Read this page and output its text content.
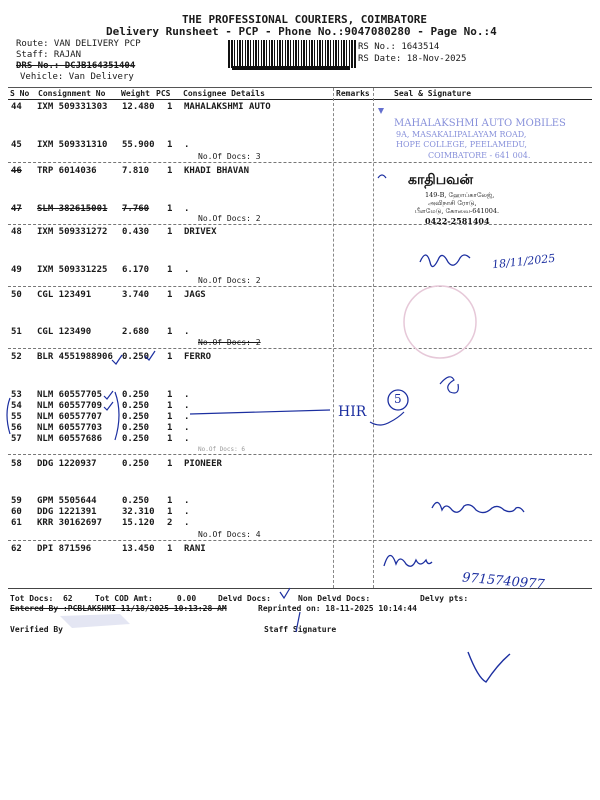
THE PROFESSIONAL COURIERS, COIMBATORE
Delivery Runsheet - PCP - Phone No.:9047080280 - Page No.:4
Route: VAN DELIVERY PCP
Staff: RAJAN
DRS No.: DCJB164351404
Vehicle: Van Delivery
RS No.: 1643514
RS Date: 18-Nov-2025
S No Consignment No Weight PCS Consignee Details	Remarks	Seal & Signature
44 IXM 509331303 12.480 1 MAHALAKSHMI AUTO
45 IXM 509331310 55.900 1 .
No.Of Docs: 3
46 TRP 6014036	7.810 1 KHADI BHAVAN
47 SLM 382615001 7.760 1 .
No.Of Docs: 2
48 IXM 509331272 0.430 1 DRIVEX
49 IXM 509331225 6.170 1 .
No.Of Docs: 2
50 CGL 123491	3.740 1 JAGS
51 CGL 123490	2.680 1 .
No.Of Docs: 2
52 BLR 4551988906 0.250 1 FERRO
53 NLM 60557705 0.250 1 .
54 NLM 60557709 0.250 1 .
55 NLM 60557707 0.250 1 .
56 NLM 60557703 0.250 1 .
57 NLM 60557686 0.250 1 .
No.Of Docs: 6
58 DDG 1220937	0.250 1 PIONEER
59 GPM 5505644	0.250 1 .
60 DDG 1221391	32.310 1 .
61 KRR 30162697 15.120 2 .
No.Of Docs: 4
62 DPI 871596	13.450 1 RANI
Tot Docs:  62	Tot COD Amt:     0.00	Delvd Docs:	Non Delvd Docs:	Delvy pts:
Entered By :PCBLAKSHMI 11/18/2025 10:13:28 AM	Reprinted on: 18-11-2025 10:14:44
Verified By	Staff Signature
MAHALAKSHMI AUTO MOBILES
9A, MASAKALIPALAYAM ROAD,
HOPE COLLEGE, PEELAMEDU,
COIMBATORE - 641 004.
காதிபவன்
149-B, ஹோப்காலேஜ்,
அவிநாசி ரோடு,
பீளமேடு, கோவை-641004.
0422-2581404
18/11/2025
HIR
5
9715740977
